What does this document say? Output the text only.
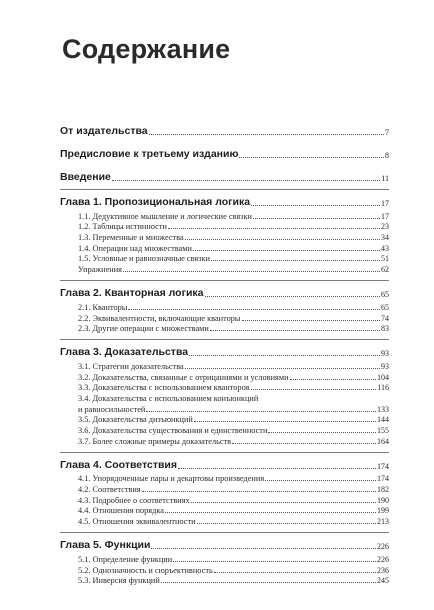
Содержание
От издательства	7
Предисловие к третьему изданию	8
Введение	11
Глава 1. Пропозициональная логика	17
1.1. Дедуктивное мышление и логические связки	17
1.2. Таблицы истинности	23
1.3. Переменные и множества	34
1.4. Операции над множествами	43
1.5. Условные и равнозначные связки	51
Упражнения	62
Глава 2. Кванторная логика	65
2.1. Кванторы	65
2.2. Эквивалентности, включающие кванторы	74
2.3. Другие операции с множествами	83
Глава 3. Доказательства	93
3.1. Стратегии доказательства	93
3.2. Доказательства, связанные с отрицаниями и условиями	104
3.3. Доказательства с использованием кванторов	116
3.4. Доказательства с использованием конъюнкций
и равносильностей	133
3.5. Доказательства дизъюнкций	144
3.6. Доказательства существования и единственности	155
3.7. Более сложные примеры доказательств	164
Глава 4. Соответствия	174
4.1. Упорядоченные пары и декартовы произведения	174
4.2. Соответствия	182
4.3. Подробнее о соответствиях	190
4.4. Отношения порядка	199
4.5. Отношения эквивалентности	213
Глава 5. Функции	226
5.1. Определение функции	226
5.2. Однозначность и сюръективность	236
5.3. Инверсия функций	245
